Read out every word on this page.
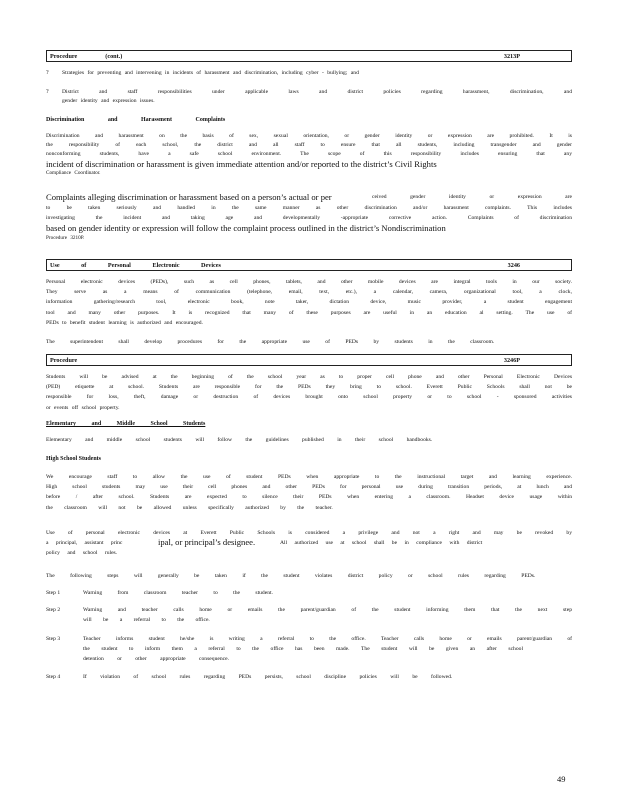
Procedure	(cont.)	3213P
? Strategies for preventing and intervening in incidents of harassment and discrimination, including cyber - bullying; and
? District and staff responsibilities under applicable laws and district policies regarding harassment, discrimination, and
gender identity and expression issues.
Discrimination and Harassment Complaints
Discrimination and harassment on the basis of sex, sexual orientation, or gender identity or expression are prohibited. It is
the responsibility of each school, the district and all staff to ensure that all students, including transgender and gender
nonconforming students, have a safe school environment. The scope of this responsibility includes ensuring that any
incident of discrimination or harassment is given immediate attention and/or reported to the district’s Civil Rights
Compliance Coordinator.
Complaints alleging discrimination or harassment based on a person’s actual or per	ceived gender identity or expression are
to be taken seriously and handled in the same manner as other discrimination and/or harassment complaints. This includes
investigating the incident and taking age and developmentally -appropriate corrective action. Complaints of discrimination
based on gender identity or expression will follow the complaint process outlined in the district’s Nondiscrimination
Procedure 3210P.
Use of Personal Electronic Devices	3246
Personal electronic devices (PEDs), such as cell phones, tablets, and other mobile devices are integral tools in our society.
They serve as a means of communication (telephone, email, text, etc.), a calendar, camera, organizational tool, a clock,
information gathering/research tool, electronic book, note taker, dictation device, music provider, a student engagement
tool and many other purposes. It is recognized that many of these purposes are useful in an education al setting. The use of
PEDs to benefit student learning is authorized and encouraged.
The superintendent shall develop procedures for the appropriate use of PEDs by students in the classroom.
Procedure	3246P
Students will be advised at the beginning of the school year as to proper cell phone and other Personal Electronic Devices
(PED) etiquette at school. Students are responsible for the PEDs they bring to school. Everett Public Schools shall not be
responsible for loss, theft, damage or destruction of devices brought onto school property or to school - sponsored activities
or events off school property.
Elementary and Middle School Students
Elementary and middle school students will follow the guidelines published in their school handbooks.
High School Students
We encourage staff to allow the use of student PEDs when appropriate to the instructional target and learning experience.
High school students may use their cell phones and other PEDs for personal use during transition periods, at lunch and
before / after school. Students are expected to silence their PEDs when entering a classroom. Headset device usage within
the classroom will not be allowed unless specifically authorized by the teacher.
Use of personal electronic devices at Everett Public Schools is considered a privilege and not a right and may be revoked by
a principal, assistant princ	ipal, or principal’s designee.	All authorized use at school shall be in compliance with district
policy and school rules.
The following steps will generally be taken if the student violates district policy or school rules regarding PEDs.
Step 1	Warning from classroom teacher to the student.
Step 2	Warning and teacher calls home or emails the parent/guardian of the student informing them that the next step
will be a referral to the office.
Step 3	Teacher informs student he/she is writing a referral to the office. Teacher calls home or emails parent/guardian of
the student to inform them a referral to the office has been made. The student will be given an after school
detention or other appropriate consequence.
Step 4	If violation of school rules regarding PEDs persists, school discipline policies will be followed.
49
